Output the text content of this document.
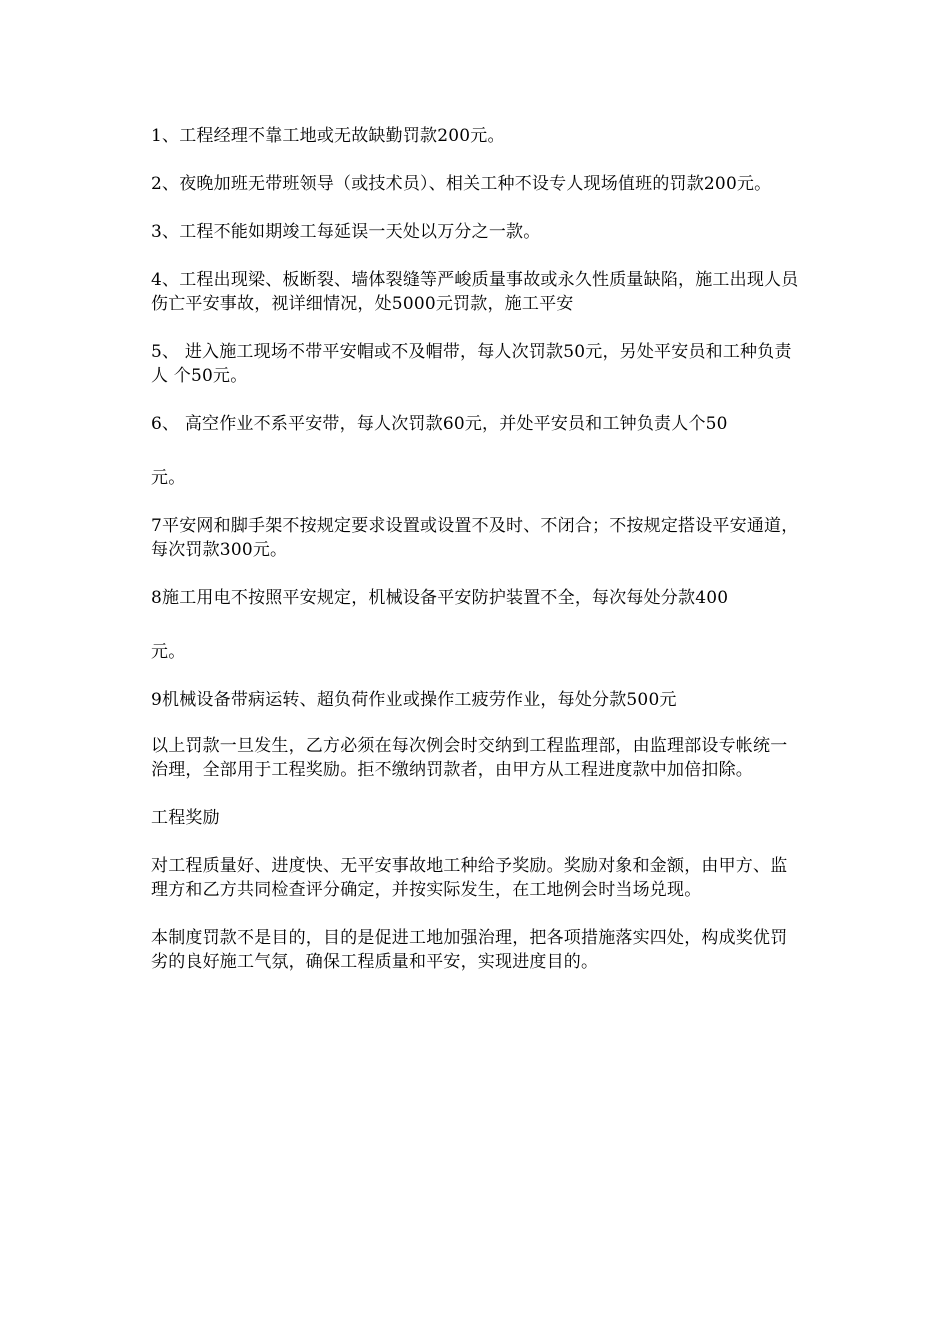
1、工程经理不靠工地或无故缺勤罚款200元。

2、夜晚加班无带班领导（或技术员）、相关工种不设专人现场值班的罚款200元。

3、工程不能如期竣工每延误一天处以万分之一款。

4、工程出现梁、板断裂、墙体裂缝等严峻质量事故或永久性质量缺陷，施工出现人员伤亡平安事故，视详细情况，处5000元罚款，施工平安

5、 进入施工现场不带平安帽或不及帽带，每人次罚款50元，另处平安员和工种负责人 个50元。

6、 高空作业不系平安带，每人次罚款60元，并处平安员和工钟负责人个50

元。

7平安网和脚手架不按规定要求设置或设置不及时、不闭合；不按规定搭设平安通道，每次罚款300元。

8施工用电不按照平安规定，机械设备平安防护装置不全，每次每处分款400

元。

9机械设备带病运转、超负荷作业或操作工疲劳作业，每处分款500元

以上罚款一旦发生，乙方必须在每次例会时交纳到工程监理部，由监理部设专帐统一治理，全部用于工程奖励。拒不缴纳罚款者，由甲方从工程进度款中加倍扣除。

工程奖励

对工程质量好、进度快、无平安事故地工种给予奖励。奖励对象和金额，由甲方、监理方和乙方共同检查评分确定，并按实际发生，在工地例会时当场兑现。

本制度罚款不是目的，目的是促进工地加强治理，把各项措施落实四处，构成奖优罚劣的良好施工气氛，确保工程质量和平安，实现进度目的。
